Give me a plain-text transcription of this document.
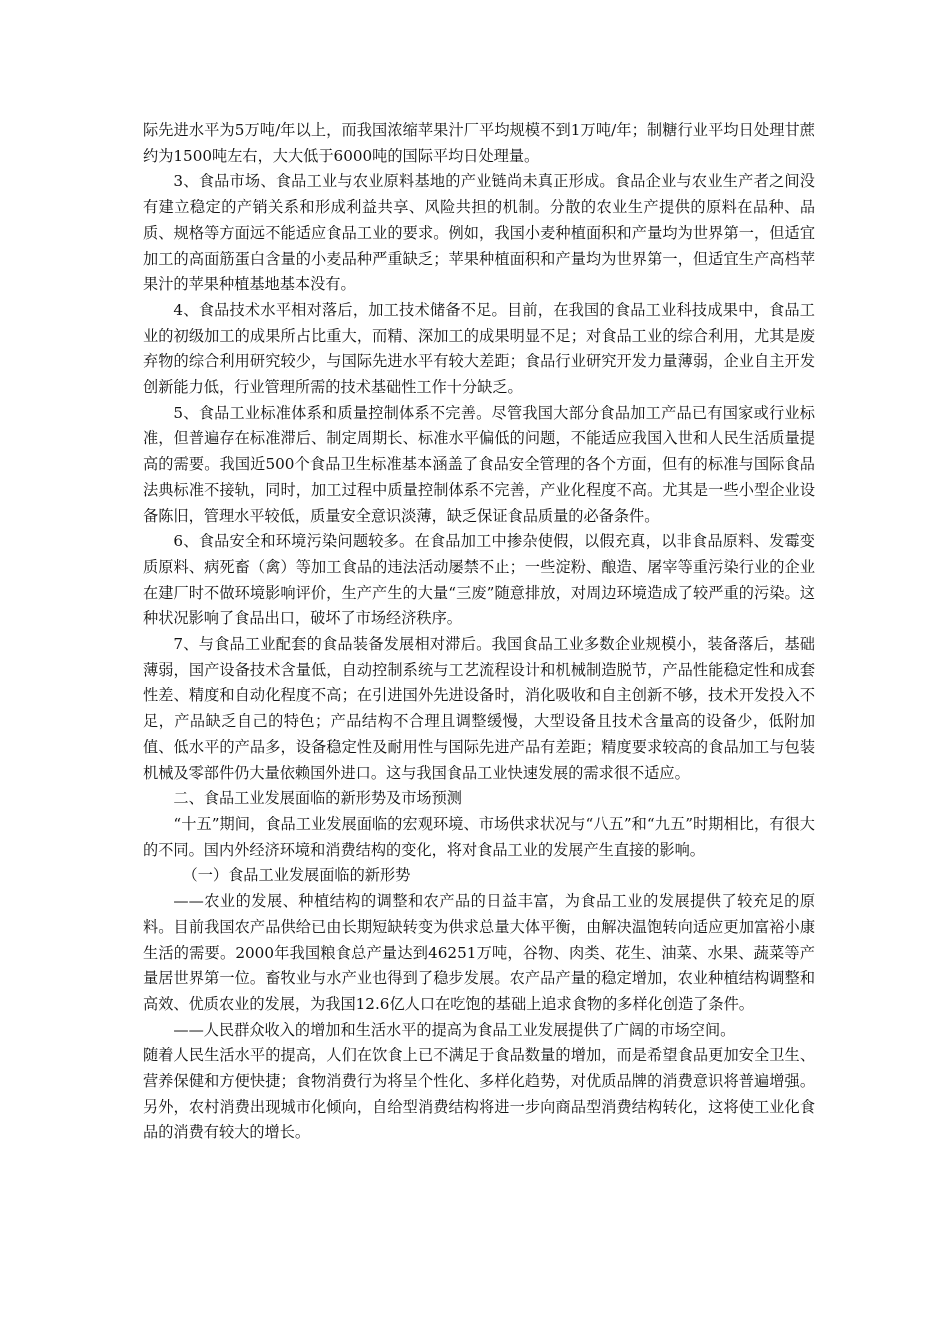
际先进水平为5万吨/年以上，而我国浓缩苹果汁厂平均规模不到1万吨/年；制糖行业平均日处理甘蔗约为1500吨左右，大大低于6000吨的国际平均日处理量。

3、食品市场、食品工业与农业原料基地的产业链尚未真正形成。食品企业与农业生产者之间没有建立稳定的产销关系和形成利益共享、风险共担的机制。分散的农业生产提供的原料在品种、品质、规格等方面远不能适应食品工业的要求。例如，我国小麦种植面积和产量均为世界第一，但适宜加工的高面筋蛋白含量的小麦品种严重缺乏；苹果种植面积和产量均为世界第一，但适宜生产高档苹果汁的苹果种植基地基本没有。

4、食品技术水平相对落后，加工技术储备不足。目前，在我国的食品工业科技成果中，食品工业的初级加工的成果所占比重大，而精、深加工的成果明显不足；对食品工业的综合利用，尤其是废弃物的综合利用研究较少，与国际先进水平有较大差距；食品行业研究开发力量薄弱，企业自主开发创新能力低，行业管理所需的技术基础性工作十分缺乏。

5、食品工业标准体系和质量控制体系不完善。尽管我国大部分食品加工产品已有国家或行业标准，但普遍存在标准滞后、制定周期长、标准水平偏低的问题，不能适应我国入世和人民生活质量提高的需要。我国近500个食品卫生标准基本涵盖了食品安全管理的各个方面，但有的标准与国际食品法典标准不接轨，同时，加工过程中质量控制体系不完善，产业化程度不高。尤其是一些小型企业设备陈旧，管理水平较低，质量安全意识淡薄，缺乏保证食品质量的必备条件。

6、食品安全和环境污染问题较多。在食品加工中掺杂使假，以假充真，以非食品原料、发霉变质原料、病死畜（禽）等加工食品的违法活动屡禁不止；一些淀粉、酿造、屠宰等重污染行业的企业在建厂时不做环境影响评价，生产产生的大量“三废”随意排放，对周边环境造成了较严重的污染。这种状况影响了食品出口，破坏了市场经济秩序。

7、与食品工业配套的食品装备发展相对滞后。我国食品工业多数企业规模小，装备落后，基础薄弱，国产设备技术含量低，自动控制系统与工艺流程设计和机械制造脱节，产品性能稳定性和成套性差、精度和自动化程度不高；在引进国外先进设备时，消化吸收和自主创新不够，技术开发投入不足，产品缺乏自己的特色；产品结构不合理且调整缓慢，大型设备且技术含量高的设备少，低附加值、低水平的产品多，设备稳定性及耐用性与国际先进产品有差距；精度要求较高的食品加工与包装机械及零部件仍大量依赖国外进口。这与我国食品工业快速发展的需求很不适应。

二、食品工业发展面临的新形势及市场预测

“十五”期间，食品工业发展面临的宏观环境、市场供求状况与“八五”和“九五”时期相比，有很大的不同。国内外经济环境和消费结构的变化，将对食品工业的发展产生直接的影响。

（一）食品工业发展面临的新形势

——农业的发展、种植结构的调整和农产品的日益丰富，为食品工业的发展提供了较充足的原料。目前我国农产品供给已由长期短缺转变为供求总量大体平衡，由解决温饱转向适应更加富裕小康生活的需要。2000年我国粮食总产量达到46251万吨，谷物、肉类、花生、油菜、水果、蔬菜等产量居世界第一位。畜牧业与水产业也得到了稳步发展。农产品产量的稳定增加，农业种植结构调整和高效、优质农业的发展，为我国12.6亿人口在吃饱的基础上追求食物的多样化创造了条件。

——人民群众收入的增加和生活水平的提高为食品工业发展提供了广阔的市场空间。

随着人民生活水平的提高，人们在饮食上已不满足于食品数量的增加，而是希望食品更加安全卫生、营养保健和方便快捷；食物消费行为将呈个性化、多样化趋势，对优质品牌的消费意识将普遍增强。另外，农村消费出现城市化倾向，自给型消费结构将进一步向商品型消费结构转化，这将使工业化食品的消费有较大的增长。
